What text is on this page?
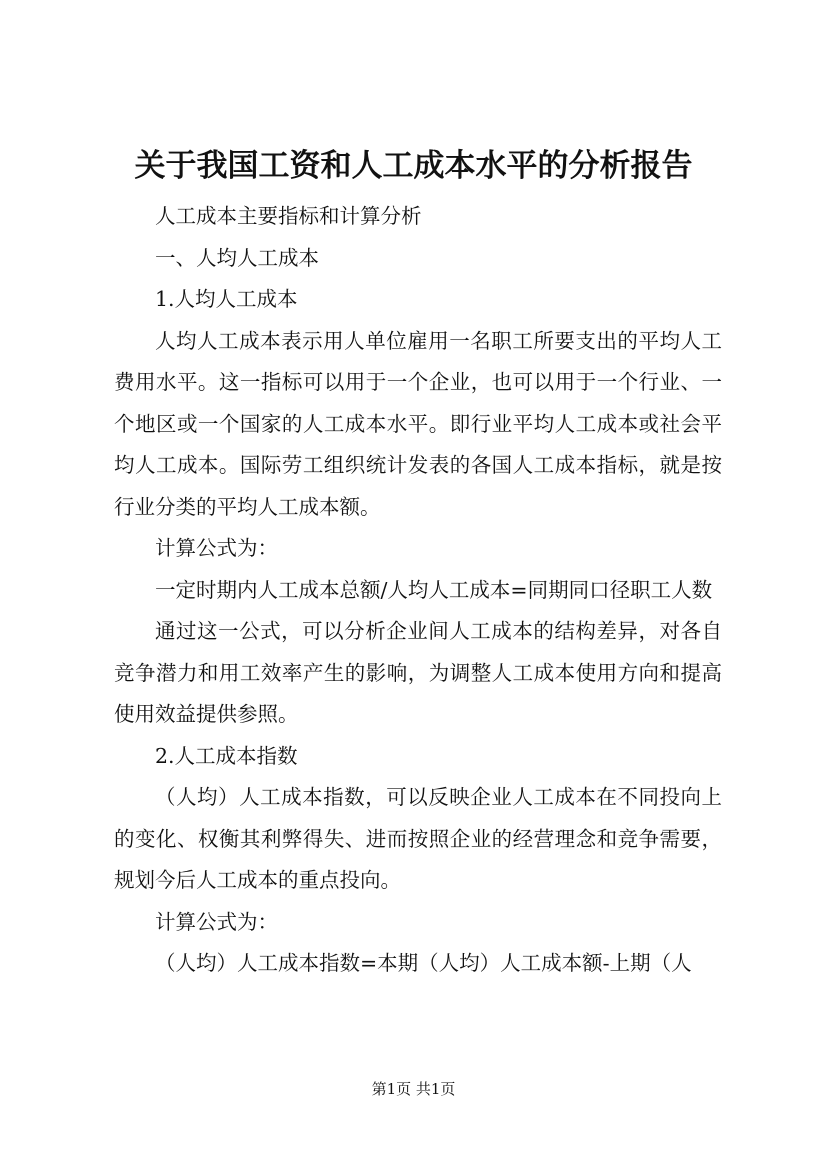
关于我国工资和人工成本水平的分析报告

人工成本主要指标和计算分析

一、人均人工成本

1.人均人工成本

人均人工成本表示用人单位雇用一名职工所要支出的平均人工费用水平。这一指标可以用于一个企业，也可以用于一个行业、一个地区或一个国家的人工成本水平。即行业平均人工成本或社会平均人工成本。国际劳工组织统计发表的各国人工成本指标，就是按行业分类的平均人工成本额。

计算公式为：

一定时期内人工成本总额/人均人工成本=同期同口径职工人数

通过这一公式，可以分析企业间人工成本的结构差异，对各自竞争潜力和用工效率产生的影响，为调整人工成本使用方向和提高使用效益提供参照。

2.人工成本指数

（人均）人工成本指数，可以反映企业人工成本在不同投向上的变化、权衡其利弊得失、进而按照企业的经营理念和竞争需要，规划今后人工成本的重点投向。

计算公式为：

（人均）人工成本指数=本期（人均）人工成本额-上期（人

第1页 共1页
